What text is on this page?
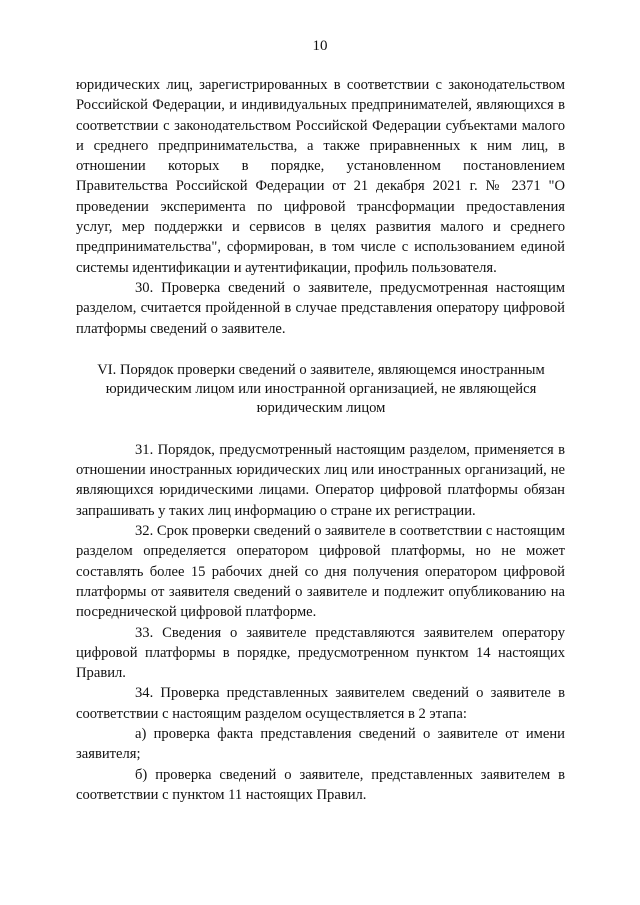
10

юридических лиц, зарегистрированных в соответствии с законодательством Российской Федерации, и индивидуальных предпринимателей, являющихся в соответствии с законодательством Российской Федерации субъектами малого и среднего предпринимательства, а также приравненных к ним лиц, в отношении которых в порядке, установленном постановлением Правительства Российской Федерации от 21 декабря 2021 г. № 2371 "О проведении эксперимента по цифровой трансформации предоставления услуг, мер поддержки и сервисов в целях развития малого и среднего предпринимательства", сформирован, в том числе с использованием единой системы идентификации и аутентификации, профиль пользователя.

30. Проверка сведений о заявителе, предусмотренная настоящим разделом, считается пройденной в случае представления оператору цифровой платформы сведений о заявителе.

VI. Порядок проверки сведений о заявителе, являющемся иностранным юридическим лицом или иностранной организацией, не являющейся юридическим лицом

31. Порядок, предусмотренный настоящим разделом, применяется в отношении иностранных юридических лиц или иностранных организаций, не являющихся юридическими лицами. Оператор цифровой платформы обязан запрашивать у таких лиц информацию о стране их регистрации.

32. Срок проверки сведений о заявителе в соответствии с настоящим разделом определяется оператором цифровой платформы, но не может составлять более 15 рабочих дней со дня получения оператором цифровой платформы от заявителя сведений о заявителе и подлежит опубликованию на посреднической цифровой платформе.

33. Сведения о заявителе представляются заявителем оператору цифровой платформы в порядке, предусмотренном пунктом 14 настоящих Правил.

34. Проверка представленных заявителем сведений о заявителе в соответствии с настоящим разделом осуществляется в 2 этапа:

а) проверка факта представления сведений о заявителе от имени заявителя;

б) проверка сведений о заявителе, представленных заявителем в соответствии с пунктом 11 настоящих Правил.
